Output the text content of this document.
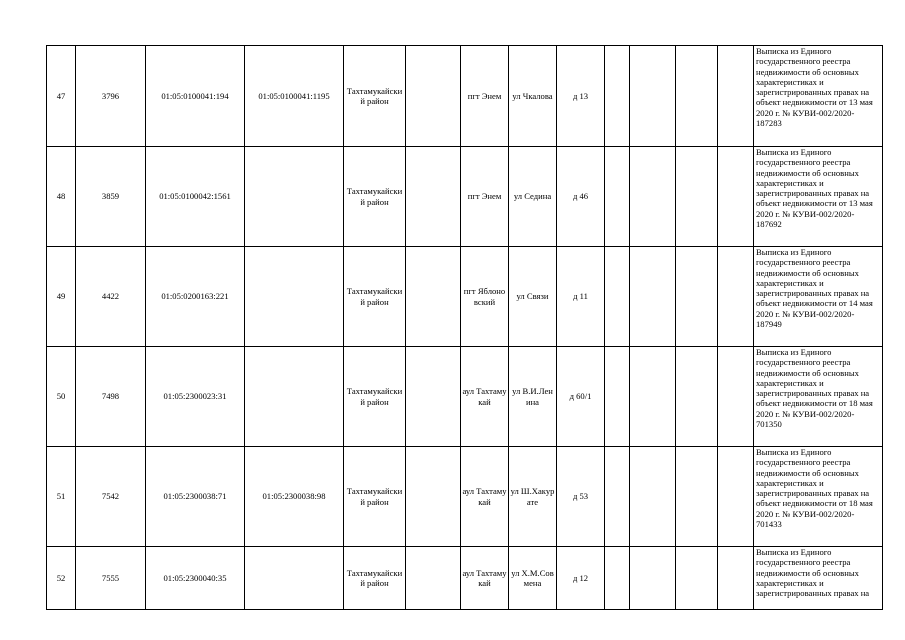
47	3796	01:05:0100041:194	01:05:0100041:1195	Тахтамукайский район		пгт Энем	ул Чкалова	д 13					Выписка из Единого государственного реестра недвижимости об основных характеристиках и зарегистрированных правах на объект недвижимости от 13 мая 2020 г. № КУВИ-002/2020-187283
48	3859	01:05:0100042:1561		Тахтамукайский район		пгт Энем	ул Седина	д 46					Выписка из Единого государственного реестра недвижимости об основных характеристиках и зарегистрированных правах на объект недвижимости от 13 мая 2020 г. № КУВИ-002/2020-187692
49	4422	01:05:0200163:221		Тахтамукайский район		пгт Яблоновский	ул Связи	д 11					Выписка из Единого государственного реестра недвижимости об основных характеристиках и зарегистрированных правах на объект недвижимости от 14 мая 2020 г. № КУВИ-002/2020-187949
50	7498	01:05:2300023:31		Тахтамукайский район		аул Тахтамукай	ул В.И.Ленина	д 60/1					Выписка из Единого государственного реестра недвижимости об основных характеристиках и зарегистрированных правах на объект недвижимости от 18 мая 2020 г. № КУВИ-002/2020-701350
51	7542	01:05:2300038:71	01:05:2300038:98	Тахтамукайский район		аул Тахтамукай	ул Ш.Хакурате	д 53					Выписка из Единого государственного реестра недвижимости об основных характеристиках и зарегистрированных правах на объект недвижимости от 18 мая 2020 г. № КУВИ-002/2020-701433
52	7555	01:05:2300040:35		Тахтамукайский район		аул Тахтамукай	ул Х.М.Совмена	д 12					Выписка из Единого государственного реестра недвижимости об основных характеристиках и зарегистрированных правах на
